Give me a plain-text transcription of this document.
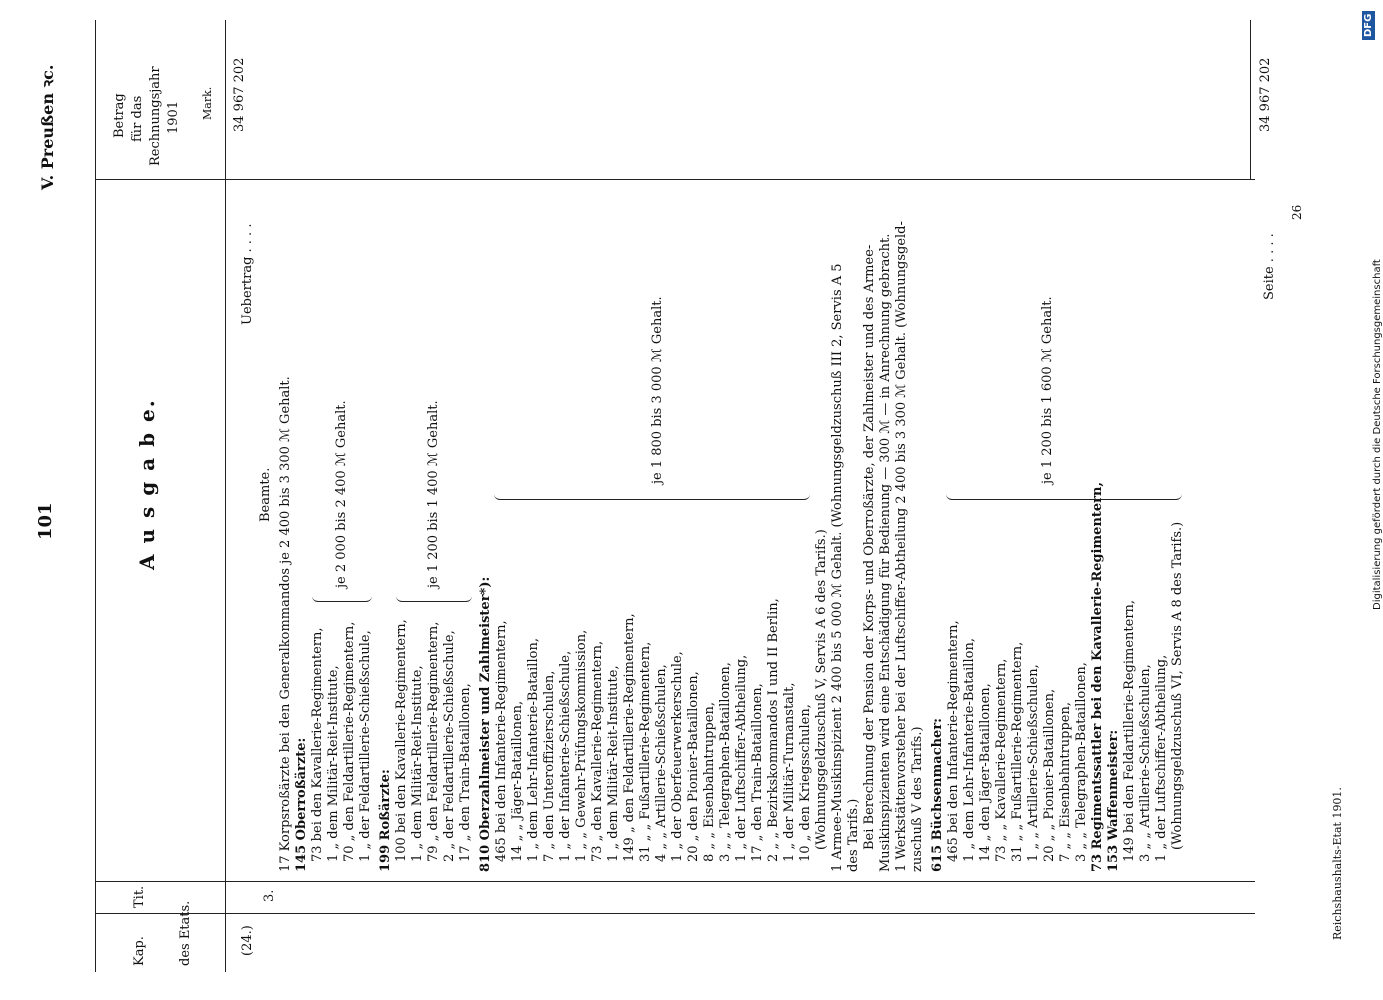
101
V. Preußen ꝛc.
A u s g a b e.
Kap.
Tit.
des Etats.
Betrag für das Rechnungsjahr 1901 Mark.
(24.)
3.
Uebertrag . . . .
34 967 202
Beamte. 17 Korpsroßärzte bei den Generalkommandos je 2 400 bis 3 300 ℳ Gehalt. 145 Oberroßärzte: 73 bei den Kavallerie-Regimentern, 1 „ dem Militär-Reit-Institute, 70 „ den Feldartillerie-Regimentern, 1 „ der Feldartillerie-Schießschule,
je 2 000 bis 2 400 ℳ Gehalt.
199 Roßärzte: 100 bei den Kavallerie-Regimentern, 1 „ dem Militär-Reit-Institute, 79 „ den Feldartillerie-Regimentern, 2 „ der Feldartillerie-Schießschule, 17 „ den Train-Bataillonen,
je 1 200 bis 1 400 ℳ Gehalt.
810 Oberzahlmeister und Zahlmeister*): 465 bei den Infanterie-Regimentern, 14 „ „ Jäger-Bataillonen, 1 „ dem Lehr-Infanterie-Bataillon, 7 „ den Unteroffizierschulen, 1 „ der Infanterie-Schießschule, 1 „ „ Gewehr-Prüfungskommission, 73 „ den Kavallerie-Regimentern, 1 „ dem Militär-Reit-Institute, 149 „ den Feldartillerie-Regimentern, 31 „ „ Fußartillerie-Regimentern, 4 „ „ Artillerie-Schießschulen, 1 „ der Oberfeuerwerkerschule, 20 „ den Pionier-Bataillonen, 8 „ „ Eisenbahntruppen, 3 „ „ Telegraphen-Bataillonen, 1 „ der Luftschiffer-Abtheilung, 17 „ den Train-Bataillonen, 2 „ „ Bezirkskommandos I und II Berlin, 1 „ der Militär-Turnanstalt, 10 „ den Kriegsschulen,
je 1 800 bis 3 000 ℳ Gehalt.
(Wohnungsgeldzuschuß V, Servis A 6 des Tarifs.) 1 Armee-Musikinspizient 2 400 bis 5 000 ℳ Gehalt. (Wohnungsgeldzuschuß III 2, Servis A 5 des Tarifs.) Bei Berechnung der Pension der Korps- und Oberroßärzte, der Zahlmeister und des Armee- Musikinspizienten wird eine Entschädigung für Bedienung — 300 ℳ — in Anrechnung gebracht. 1 Werkstättenvorsteher bei der Luftschiffer-Abtheilung 2 400 bis 3 300 ℳ Gehalt. (Wohnungsgeld- zuschuß V des Tarifs.) 615 Büchsenmacher: 465 bei den Infanterie-Regimentern, 1 „ dem Lehr-Infanterie-Bataillon, 14 „ den Jäger-Bataillonen, 73 „ „ Kavallerie-Regimentern, 31 „ „ Fußartillerie-Regimentern, 1 „ „ Artillerie-Schießschulen, 20 „ „ Pionier-Bataillonen, 7 „ „ Eisenbahntruppen, 3 „ „ Telegraphen-Bataillonen, 73 Regimentssattler bei den Kavallerie-Regimentern, 153 Waffenmeister: 149 bei den Feldartillerie-Regimentern, 3 „ „ Artillerie-Schießschulen, 1 „ der Luftschiffer-Abtheilung, (Wohnungsgeldzuschuß VI, Servis A 8 des Tarifs.)
je 1 200 bis 1 600 ℳ Gehalt.
Seite . . . .
34 967 202
Reichshaushalts-Etat 1901.
26
Digitalisierung gefördert durch die Deutsche Forschungsgemeinschaft
DFG
